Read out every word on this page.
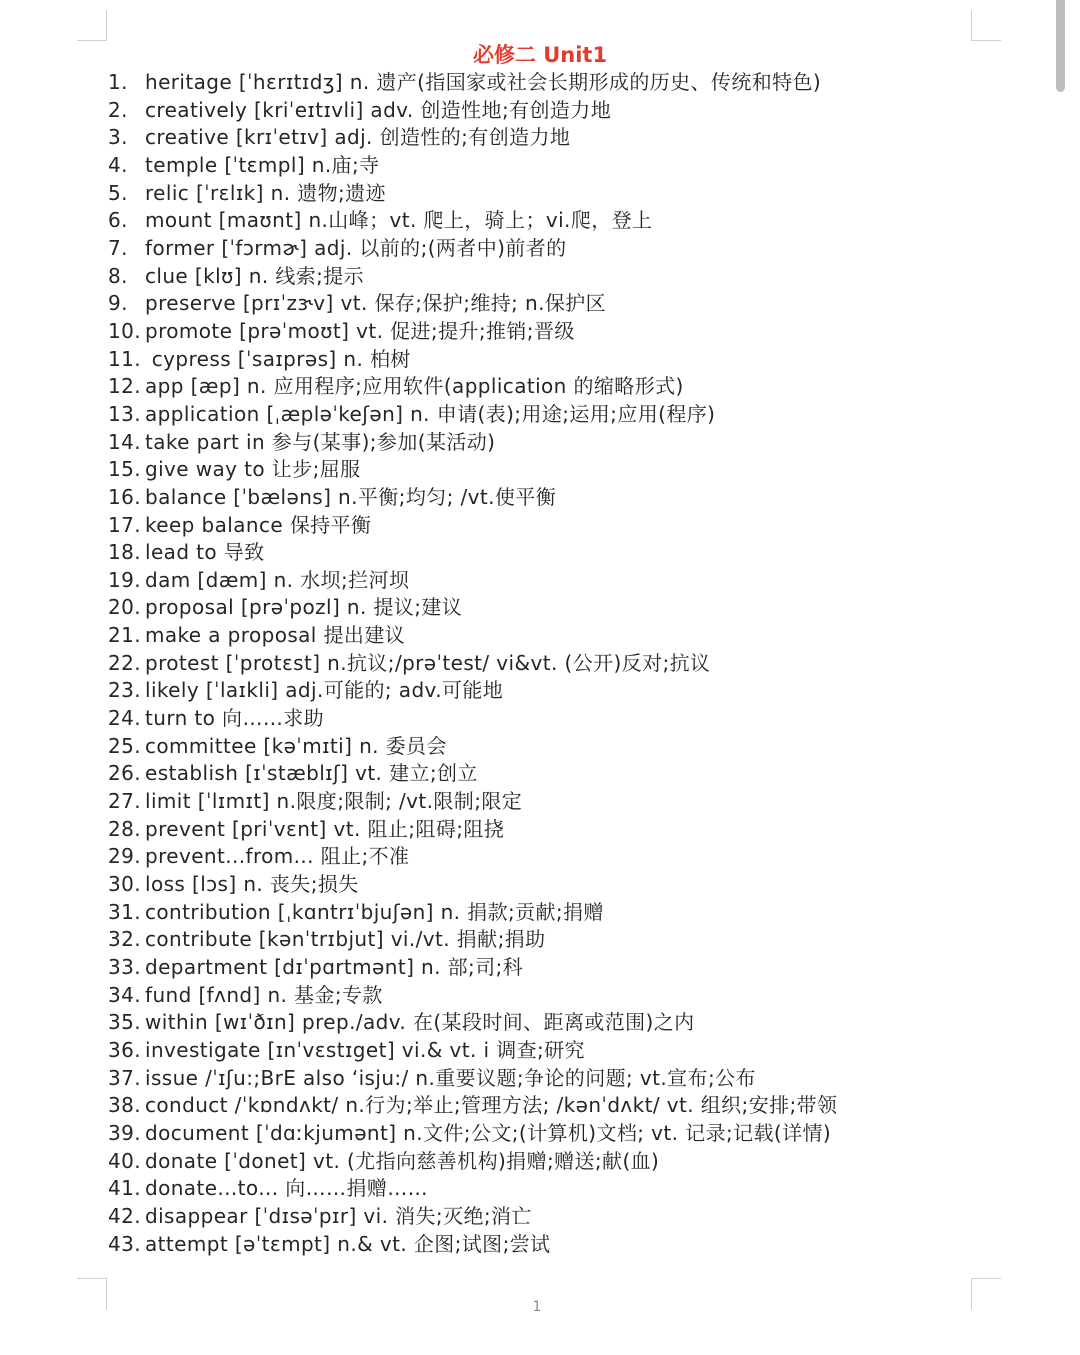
必修二 Unit1
1. heritage [ˈhɛrɪtɪdʒ] n. 遗产(指国家或社会长期形成的历史、传统和特色)
2. creatively [kriˈeɪtɪvli] adv. 创造性地;有创造力地
3. creative [krɪˈetɪv] adj. 创造性的;有创造力地
4. temple [ˈtɛmpl] n.庙;寺
5. relic [ˈrɛlɪk] n. 遗物;遗迹
6. mount [maʊnt] n.山峰；vt. 爬上，骑上；vi.爬，登上
7. former [ˈfɔrmɚ] adj. 以前的;(两者中)前者的
8. clue [klʊ] n. 线索;提示
9. preserve [prɪˈzɝv] vt. 保存;保护;维持; n.保护区
10. promote [prəˈmoʊt] vt. 促进;提升;推销;晋级
11. cypress [ˈsaɪprəs] n. 柏树
12. app [æp] n. 应用程序;应用软件(application 的缩略形式)
13. application [ˌæpləˈkeʃən] n. 申请(表);用途;运用;应用(程序)
14. take part in 参与(某事);参加(某活动)
15. give way to 让步;屈服
16. balance [ˈbæləns] n.平衡;均匀; /vt.使平衡
17. keep balance 保持平衡
18. lead to 导致
19. dam [dæm] n. 水坝;拦河坝
20. proposal [prəˈpozl] n. 提议;建议
21. make a proposal 提出建议
22. protest [ˈprotɛst] n.抗议;/prəˈtest/ vi&vt. (公开)反对;抗议
23. likely [ˈlaɪkli] adj.可能的; adv.可能地
24. turn to 向……求助
25. committee [kəˈmɪti] n. 委员会
26. establish [ɪˈstæblɪʃ] vt. 建立;创立
27. limit [ˈlɪmɪt] n.限度;限制; /vt.限制;限定
28. prevent [priˈvɛnt] vt. 阻止;阻碍;阻挠
29. prevent...from... 阻止;不准
30. loss [lɔs] n. 丧失;损失
31. contribution [ˌkɑntrɪˈbjuʃən] n. 捐款;贡献;捐赠
32. contribute [kənˈtrɪbjut] vi./vt. 捐献;捐助
33. department [dɪˈpɑrtmənt] n. 部;司;科
34. fund [fʌnd] n. 基金;专款
35. within [wɪˈðɪn] prep./adv. 在(某段时间、距离或范围)之内
36. investigate [ɪnˈvɛstɪget] vi.& vt. i 调查;研究
37. issue /ˈɪʃu:;BrE also ‘isju:/ n.重要议题;争论的问题; vt.宣布;公布
38. conduct /ˈkɒndʌkt/ n.行为;举止;管理方法; /kənˈdʌkt/ vt. 组织;安排;带领
39. document [ˈdɑːkjumənt] n.文件;公文;(计算机)文档; vt. 记录;记载(详情)
40. donate [ˈdonet] vt. (尤指向慈善机构)捐赠;赠送;献(血)
41. donate...to... 向……捐赠……
42. disappear [ˈdɪsəˈpɪr] vi. 消失;灭绝;消亡
43. attempt [əˈtɛmpt] n.& vt. 企图;试图;尝试
1
